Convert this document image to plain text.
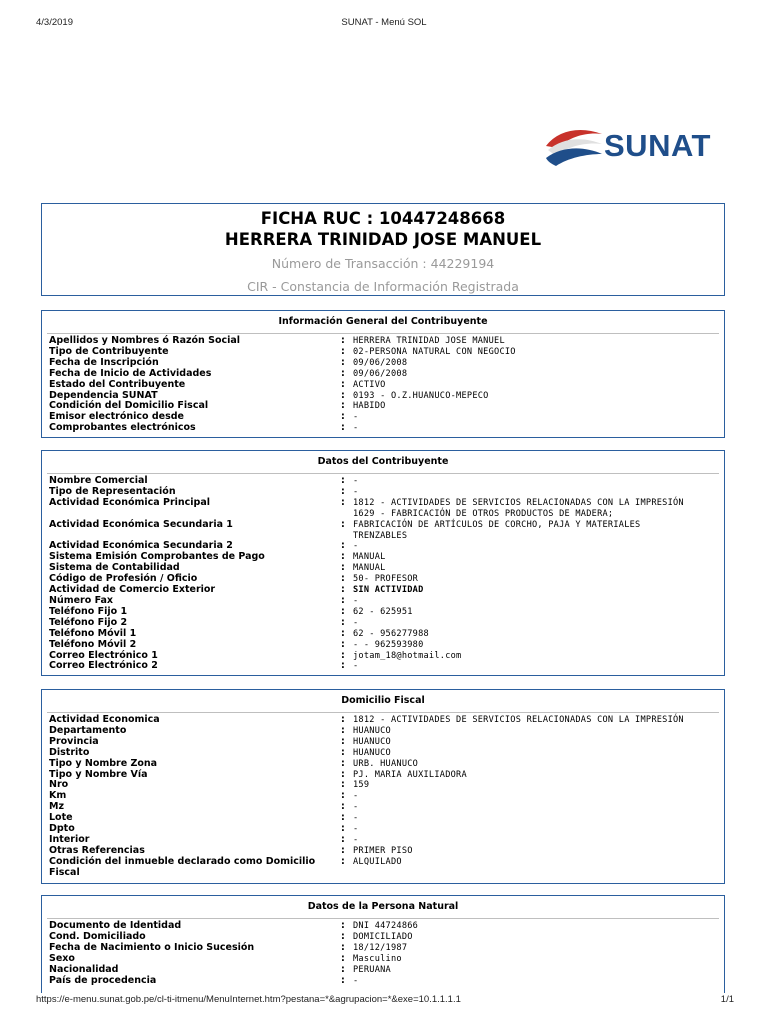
4/3/2019	SUNAT - Menú SOL
SUNAT
FICHA RUC : 10447248668
HERRERA TRINIDAD JOSE MANUEL
Número de Transacción : 44229194
CIR - Constancia de Información Registrada
Información General del Contribuyente
Apellidos y Nombres ó Razón Social	: HERRERA TRINIDAD JOSE MANUEL
Tipo de Contribuyente	: 02-PERSONA NATURAL CON NEGOCIO
Fecha de Inscripción	: 09/06/2008
Fecha de Inicio de Actividades	: 09/06/2008
Estado del Contribuyente	: ACTIVO
Dependencia SUNAT	: 0193 - O.Z.HUANUCO-MEPECO
Condición del Domicilio Fiscal	: HABIDO
Emisor electrónico desde	: -
Comprobantes electrónicos	: -
Datos del Contribuyente
Nombre Comercial	: -
Tipo de Representación	: -
Actividad Económica Principal	: 1812 - ACTIVIDADES DE SERVICIOS RELACIONADAS CON LA IMPRESIÓN
1629 - FABRICACIÓN DE OTROS PRODUCTOS DE MADERA;
Actividad Económica Secundaria 1	: FABRICACIÓN DE ARTÍCULOS DE CORCHO, PAJA Y MATERIALES
TRENZABLES
Actividad Económica Secundaria 2	: -
Sistema Emisión Comprobantes de Pago	: MANUAL
Sistema de Contabilidad	: MANUAL
Código de Profesión / Oficio	: 50- PROFESOR
Actividad de Comercio Exterior	: SIN ACTIVIDAD
Número Fax	: -
Teléfono Fijo 1	: 62 - 625951
Teléfono Fijo 2	: -
Teléfono Móvil 1	: 62 - 956277988
Teléfono Móvil 2	: - - 962593980
Correo Electrónico 1	: jotam_18@hotmail.com
Correo Electrónico 2	: -
Domicilio Fiscal
Actividad Economica	: 1812 - ACTIVIDADES DE SERVICIOS RELACIONADAS CON LA IMPRESIÓN
Departamento	: HUANUCO
Provincia	: HUANUCO
Distrito	: HUANUCO
Tipo y Nombre Zona	: URB. HUANUCO
Tipo y Nombre Vía	: PJ. MARIA AUXILIADORA
Nro	: 159
Km	: -
Mz	: -
Lote	: -
Dpto	: -
Interior	: -
Otras Referencias	: PRIMER PISO
Condición del inmueble declarado como Domicilio	: ALQUILADO
Fiscal
Datos de la Persona Natural
Documento de Identidad	: DNI 44724866
Cond. Domiciliado	: DOMICILIADO
Fecha de Nacimiento o Inicio Sucesión	: 18/12/1987
Sexo	: Masculino
Nacionalidad	: PERUANA
País de procedencia	: -
https://e-menu.sunat.gob.pe/cl-ti-itmenu/MenuInternet.htm?pestana=*&agrupacion=*&exe=10.1.1.1.1	1/1
